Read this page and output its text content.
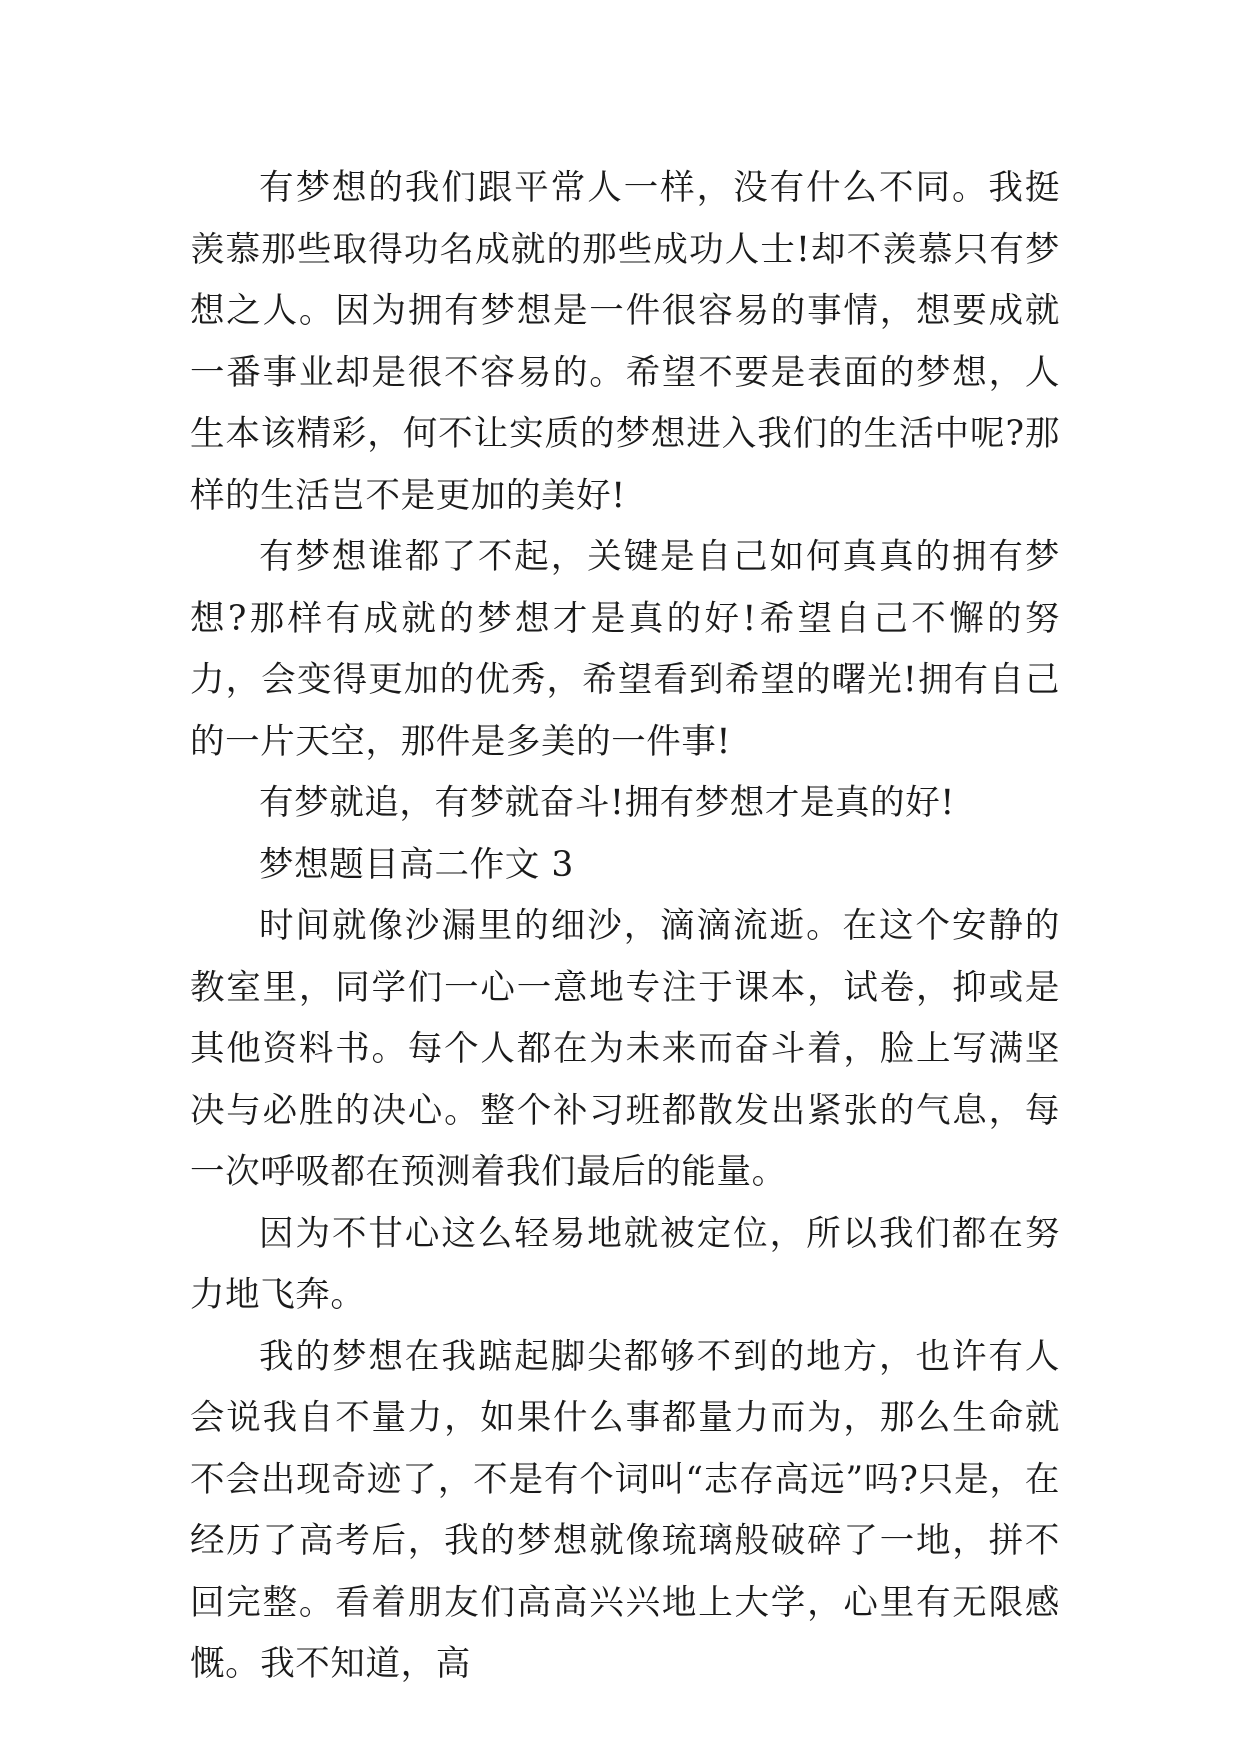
有梦想的我们跟平常人一样，没有什么不同。我挺羡慕那些取得功名成就的那些成功人士!却不羡慕只有梦想之人。因为拥有梦想是一件很容易的事情，想要成就一番事业却是很不容易的。希望不要是表面的梦想，人生本该精彩，何不让实质的梦想进入我们的生活中呢?那样的生活岂不是更加的美好!

有梦想谁都了不起，关键是自己如何真真的拥有梦想?那样有成就的梦想才是真的好!希望自己不懈的努力，会变得更加的优秀，希望看到希望的曙光!拥有自己的一片天空，那件是多美的一件事!

有梦就追，有梦就奋斗!拥有梦想才是真的好!

梦想题目高二作文 3

时间就像沙漏里的细沙，滴滴流逝。在这个安静的教室里，同学们一心一意地专注于课本，试卷，抑或是其他资料书。每个人都在为未来而奋斗着，脸上写满坚决与必胜的决心。整个补习班都散发出紧张的气息，每一次呼吸都在预测着我们最后的能量。

因为不甘心这么轻易地就被定位，所以我们都在努力地飞奔。

我的梦想在我踮起脚尖都够不到的地方，也许有人会说我自不量力，如果什么事都量力而为，那么生命就不会出现奇迹了，不是有个词叫“志存高远”吗?只是，在经历了高考后，我的梦想就像琉璃般破碎了一地，拼不回完整。看着朋友们高高兴兴地上大学，心里有无限感慨。我不知道，高
